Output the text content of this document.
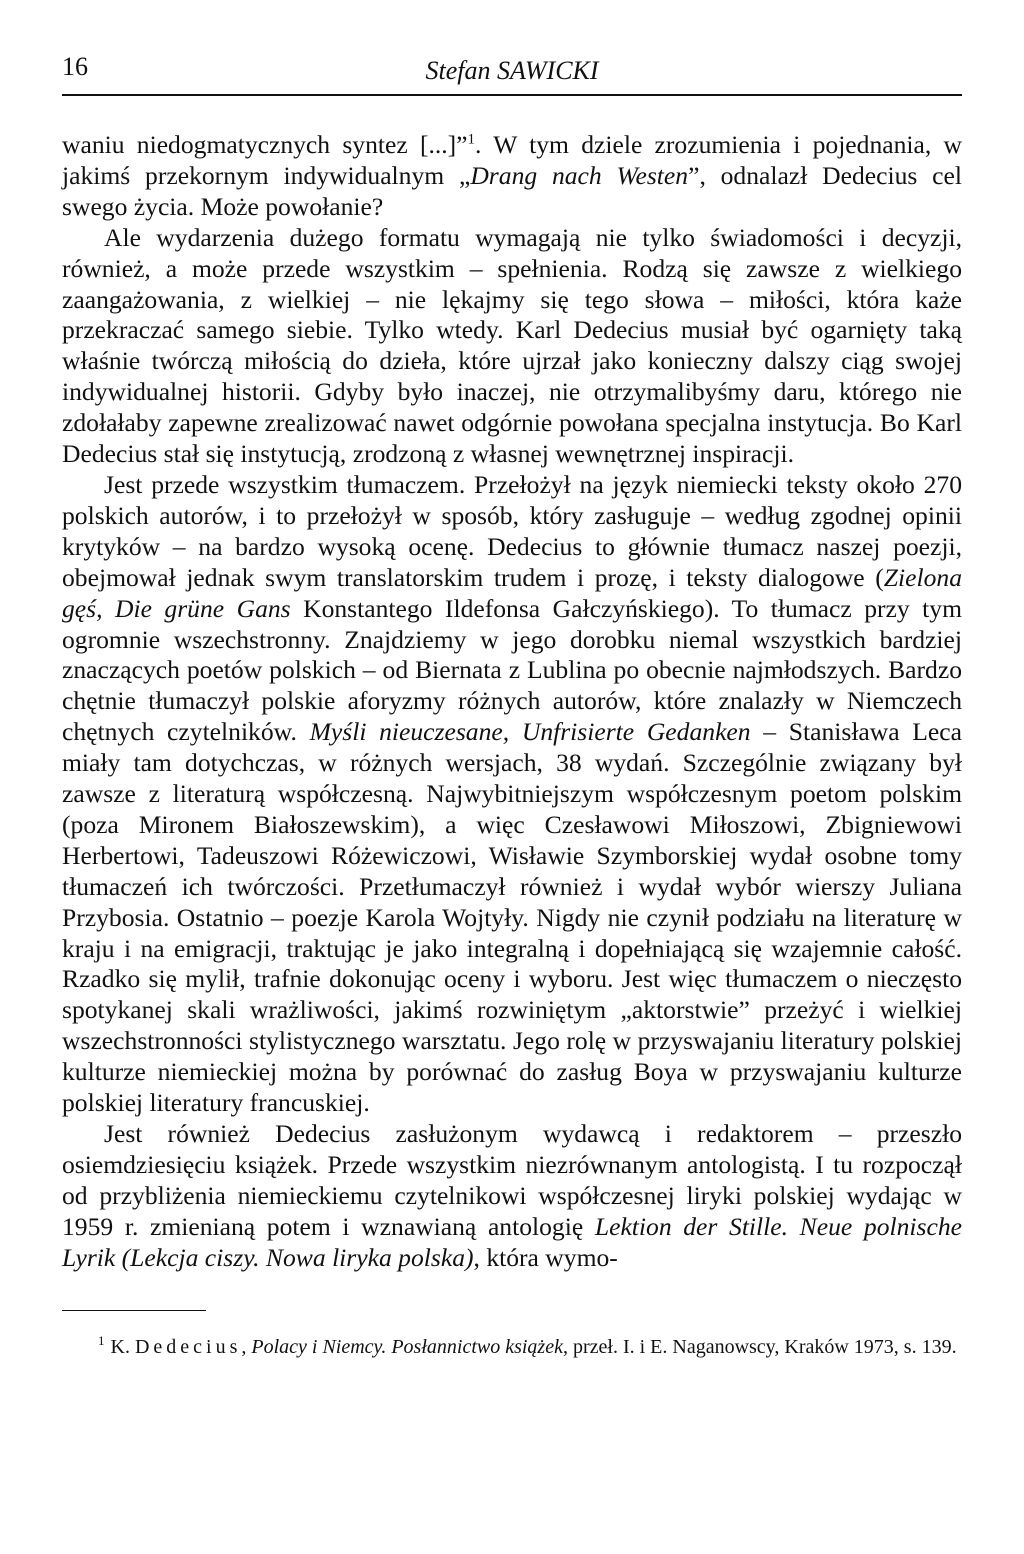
16	Stefan SAWICKI

waniu niedogmatycznych syntez [...]”$^1$. W tym dziele zrozumienia i pojednania, w jakimś przekornym indywidualnym „Drang nach Westen”, odnalazł Dedecius cel swego życia. Może powołanie?

Ale wydarzenia dużego formatu wymagają nie tylko świadomości i decyzji, również, a może przede wszystkim – spełnienia. Rodzą się zawsze z wielkiego zaangażowania, z wielkiej – nie lękajmy się tego słowa – miłości, która każe przekraczać samego siebie. Tylko wtedy. Karl Dedecius musiał być ogarnięty taką właśnie twórczą miłością do dzieła, które ujrzał jako konieczny dalszy ciąg swojej indywidualnej historii. Gdyby było inaczej, nie otrzymalibyśmy daru, którego nie zdołałaby zapewne zrealizować nawet odgórnie powołana specjalna instytucja. Bo Karl Dedecius stał się instytucją, zrodzoną z własnej wewnętrznej inspiracji.

Jest przede wszystkim tłumaczem. Przełożył na język niemiecki teksty około 270 polskich autorów, i to przełożył w sposób, który zasługuje – według zgodnej opinii krytyków – na bardzo wysoką ocenę. Dedecius to głównie tłumacz naszej poezji, obejmował jednak swym translatorskim trudem i prozę, i teksty dialogowe (Zielona gęś, Die grüne Gans Konstantego Ildefonsa Gałczyńskiego). To tłumacz przy tym ogromnie wszechstronny. Znajdziemy w jego dorobku niemal wszystkich bardziej znaczących poetów polskich – od Biernata z Lublina po obecnie najmłodszych. Bardzo chętnie tłumaczył polskie aforyzmy różnych autorów, które znalazły w Niemczech chętnych czytelników. Myśli nieuczesane, Unfrisierte Gedanken – Stanisława Leca miały tam dotychczas, w różnych wersjach, 38 wydań. Szczególnie związany był zawsze z literaturą współczesną. Najwybitniejszym współczesnym poetom polskim (poza Mironem Białoszewskim), a więc Czesławowi Miłoszowi, Zbigniewowi Herbertowi, Tadeuszowi Różewiczowi, Wisławie Szymborskiej wydał osobne tomy tłumaczeń ich twórczości. Przetłumaczył również i wydał wybór wierszy Juliana Przybosia. Ostatnio – poezje Karola Wojtyły. Nigdy nie czynił podziału na literaturę w kraju i na emigracji, traktując je jako integralną i dopełniającą się wzajemnie całość. Rzadko się mylił, trafnie dokonując oceny i wyboru. Jest więc tłumaczem o nieczęsto spotykanej skali wrażliwości, jakimś rozwiniętym „aktorstwie” przeżyć i wielkiej wszechstronności stylistycznego warsztatu. Jego rolę w przyswajaniu literatury polskiej kulturze niemieckiej można by porównać do zasług Boya w przyswajaniu kulturze polskiej literatury francuskiej.

Jest również Dedecius zasłużonym wydawcą i redaktorem – przeszło osiemdziesięciu książek. Przede wszystkim niezrównanym antologistą. I tu rozpoczął od przybliżenia niemieckiemu czytelnikowi współczesnej liryki polskiej wydając w 1959 r. zmienianą potem i wznawianą antologię Lektion der Stille. Neue polnische Lyrik (Lekcja ciszy. Nowa liryka polska), która wymo-

$^1$ K. Dedecius, Polacy i Niemcy. Posłannictwo książek, przeł. I. i E. Naganowscy, Kraków 1973, s. 139.
